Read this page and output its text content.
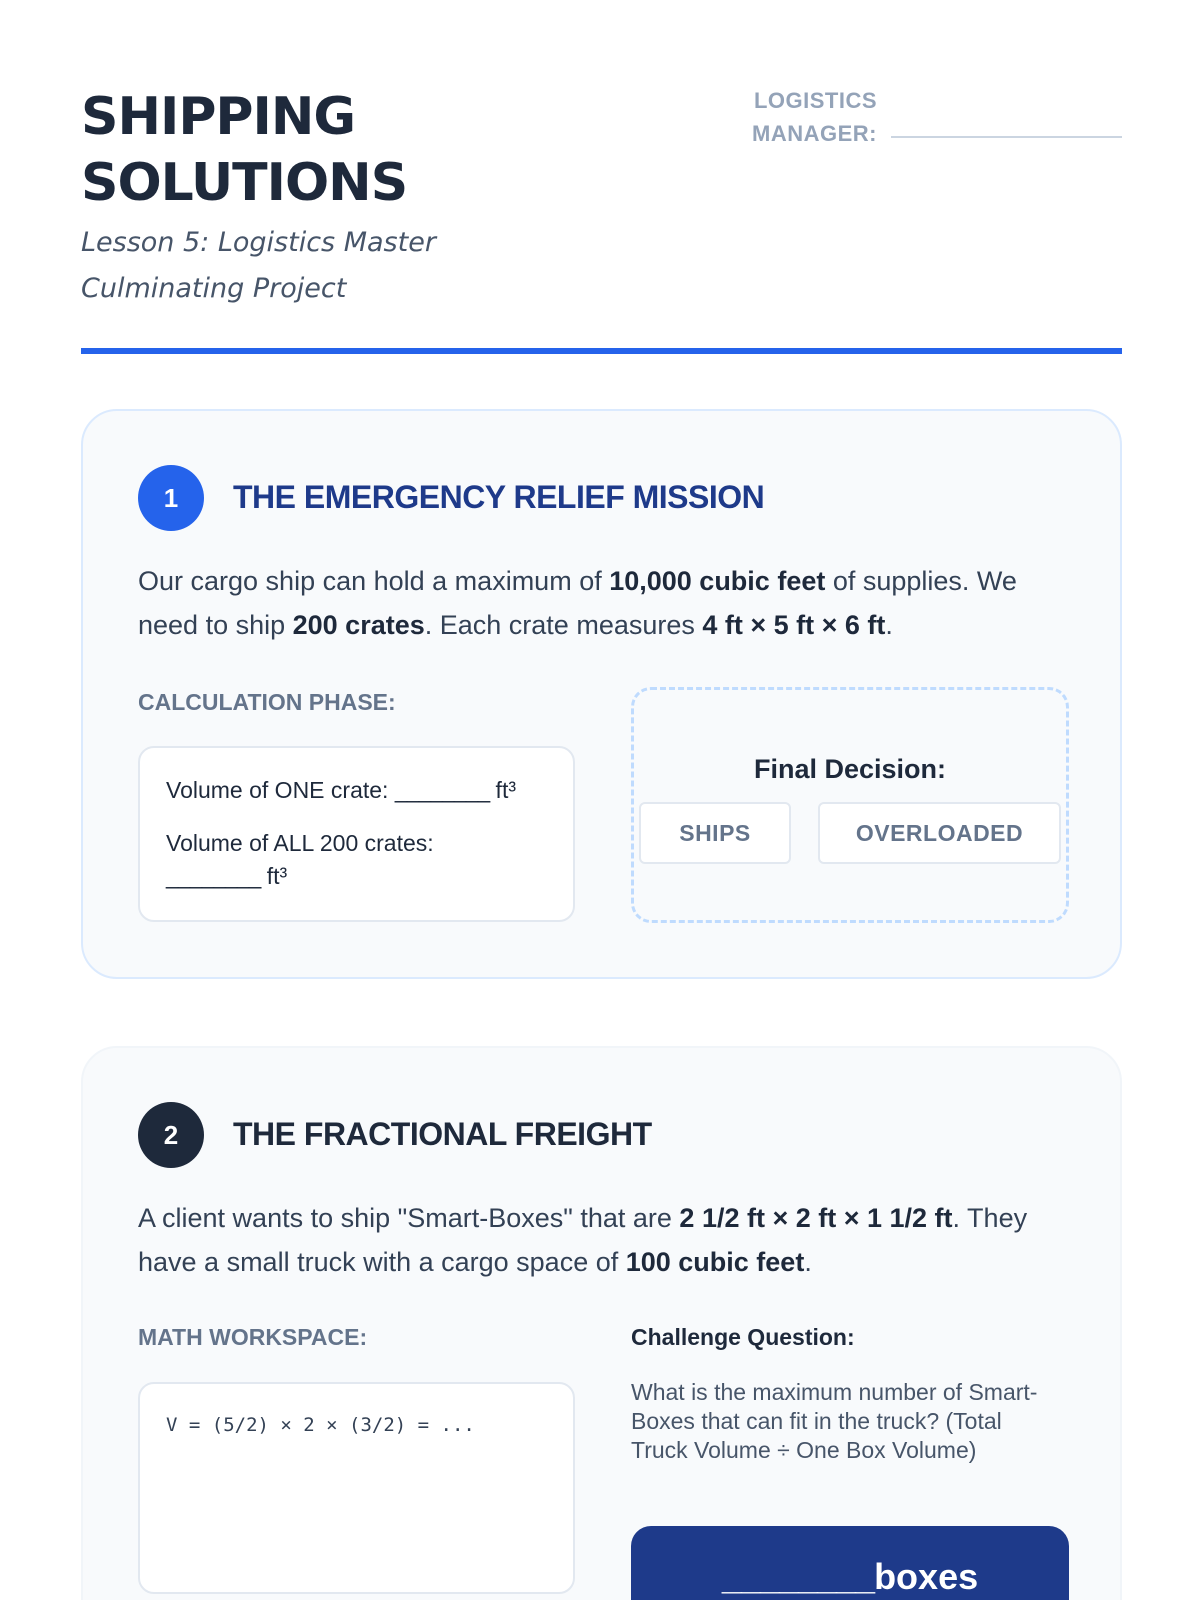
SHIPPING
SOLUTIONS
Lesson 5: Logistics Master
Culminating Project
LOGISTICS
MANAGER:
1	THE EMERGENCY RELIEF MISSION
Our cargo ship can hold a maximum of 10,000 cubic feet of supplies. We need to ship 200 crates. Each crate measures 4 ft × 5 ft × 6 ft.
CALCULATION PHASE:
Volume of ONE crate: ________ ft³
Volume of ALL 200 crates:
________ ft³
Final Decision:
SHIPS	OVERLOADED
2	THE FRACTIONAL FREIGHT
A client wants to ship "Smart-Boxes" that are 2 1/2 ft × 2 ft × 1 1/2 ft. They have a small truck with a cargo space of 100 cubic feet.
MATH WORKSPACE:
V = (5/2) × 2 × (3/2) = ...
Challenge Question:
What is the maximum number of Smart-Boxes that can fit in the truck? (Total Truck Volume ÷ One Box Volume)
________ boxes
